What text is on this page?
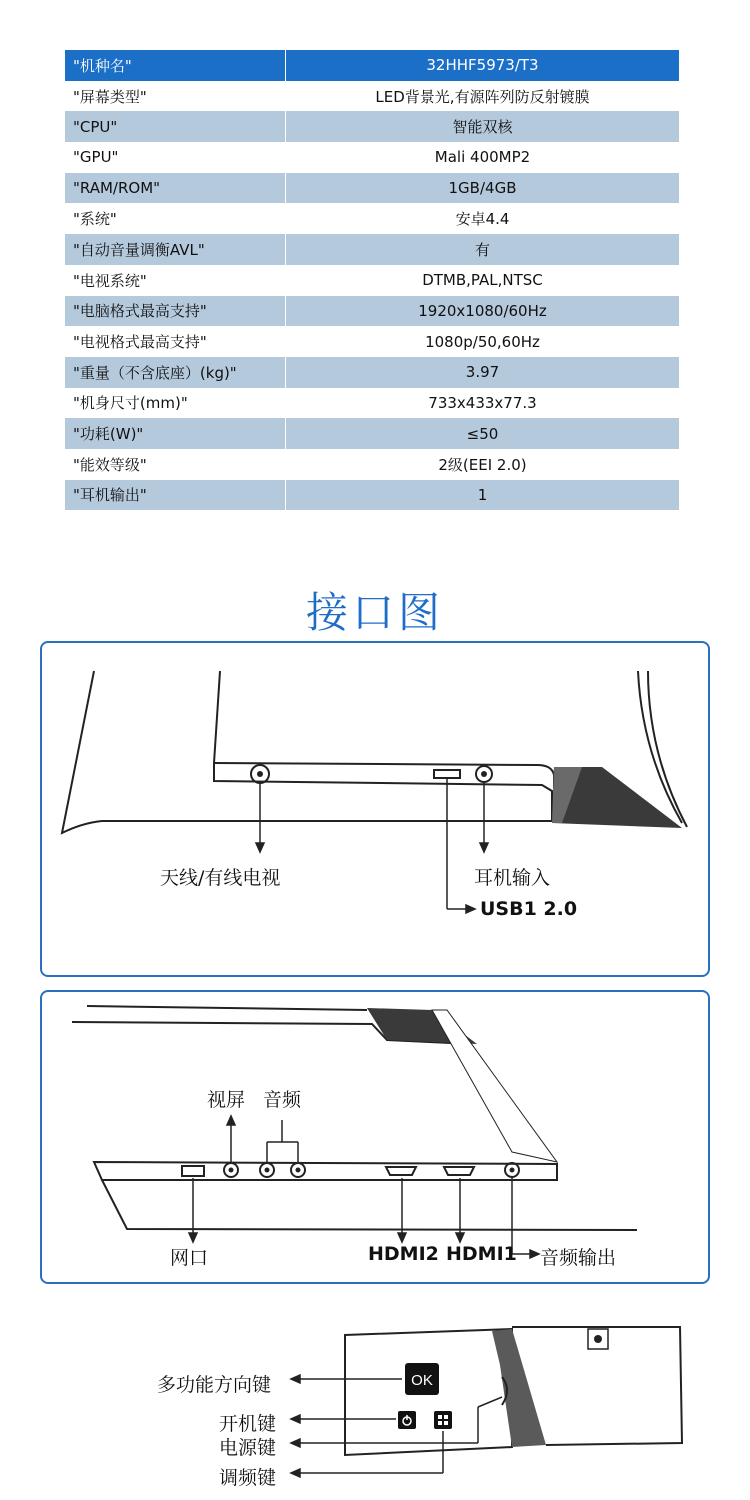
"机种名"	32HHF5973/T3
"屏幕类型"	LED背景光,有源阵列防反射镀膜
"CPU"	智能双核
"GPU"	Mali 400MP2
"RAM/ROM"	1GB/4GB
"系统"	安卓4.4
"自动音量调衡AVL"	有
"电视系统"	DTMB,PAL,NTSC
"电脑格式最高支持"	1920x1080/60Hz
"电视格式最高支持"	1080p/50,60Hz
"重量（不含底座）(kg)"	3.97
"机身尺寸(mm)"	733x433x77.3
"功耗(W)"	≤50
"能效等级"	2级(EEI 2.0)
"耳机输出"	1
接口图
天线/有线电视	耳机输入
USB1 2.0
视屏 音频
网口	HDMI2 HDMI1 音频输出
OK
多功能方向键
开机键
电源键
调频键
